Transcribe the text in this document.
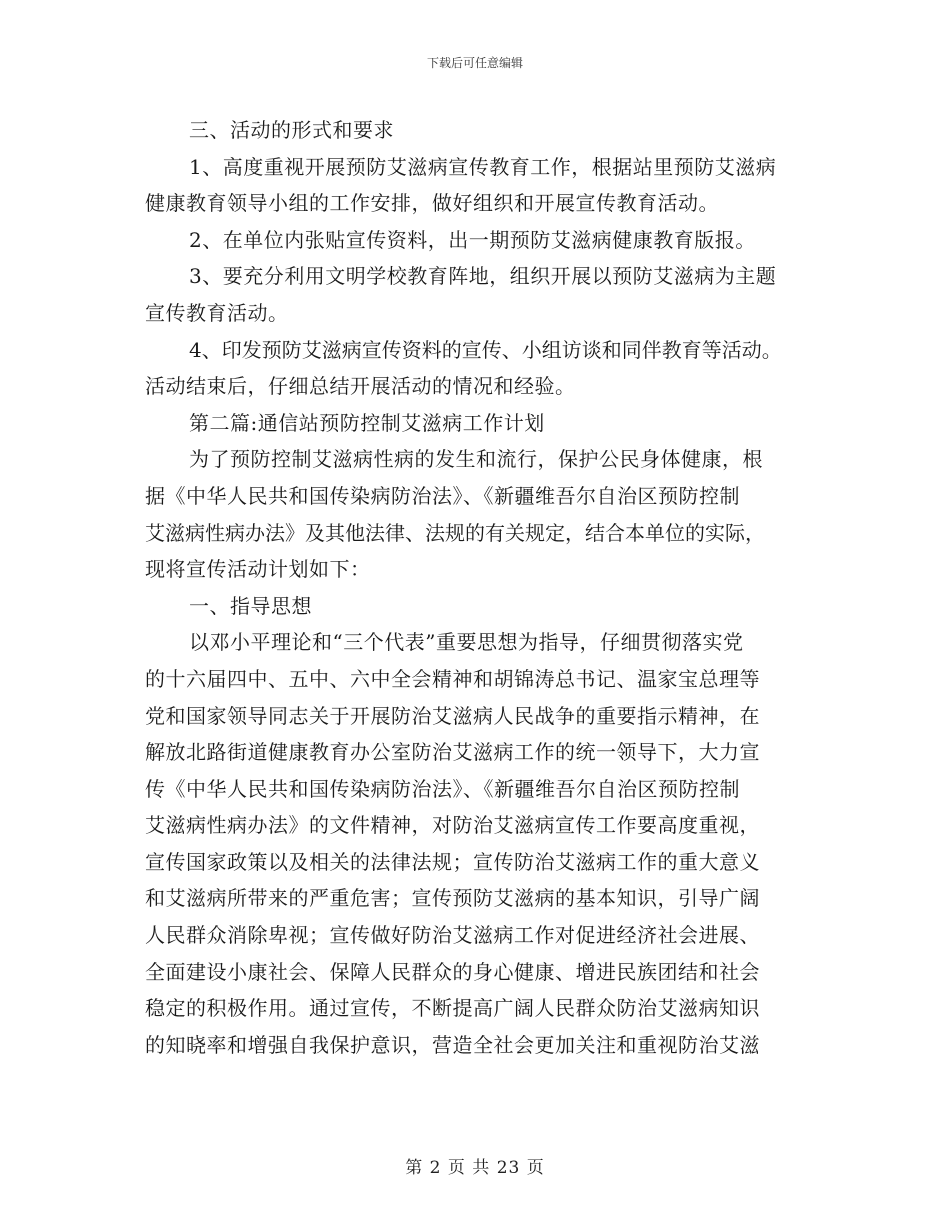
下载后可任意编辑
三、活动的形式和要求
1、高度重视开展预防艾滋病宣传教育工作，根据站里预防艾滋病
健康教育领导小组的工作安排，做好组织和开展宣传教育活动。
2、在单位内张贴宣传资料，出一期预防艾滋病健康教育版报。
3、要充分利用文明学校教育阵地，组织开展以预防艾滋病为主题
宣传教育活动。
4、印发预防艾滋病宣传资料的宣传、小组访谈和同伴教育等活动。
活动结束后，仔细总结开展活动的情况和经验。
第二篇:通信站预防控制艾滋病工作计划
为了预防控制艾滋病性病的发生和流行，保护公民身体健康，根
据《中华人民共和国传染病防治法》、《新疆维吾尔自治区预防控制
艾滋病性病办法》及其他法律、法规的有关规定，结合本单位的实际，
现将宣传活动计划如下：
一、指导思想
以邓小平理论和“三个代表”重要思想为指导，仔细贯彻落实党
的十六届四中、五中、六中全会精神和胡锦涛总书记、温家宝总理等
党和国家领导同志关于开展防治艾滋病人民战争的重要指示精神，在
解放北路街道健康教育办公室防治艾滋病工作的统一领导下，大力宣
传《中华人民共和国传染病防治法》、《新疆维吾尔自治区预防控制
艾滋病性病办法》的文件精神，对防治艾滋病宣传工作要高度重视，
宣传国家政策以及相关的法律法规；宣传防治艾滋病工作的重大意义
和艾滋病所带来的严重危害；宣传预防艾滋病的基本知识，引导广阔
人民群众消除卑视；宣传做好防治艾滋病工作对促进经济社会进展、
全面建设小康社会、保障人民群众的身心健康、增进民族团结和社会
稳定的积极作用。通过宣传，不断提高广阔人民群众防治艾滋病知识
的知晓率和增强自我保护意识，营造全社会更加关注和重视防治艾滋
第 2 页 共 23 页
